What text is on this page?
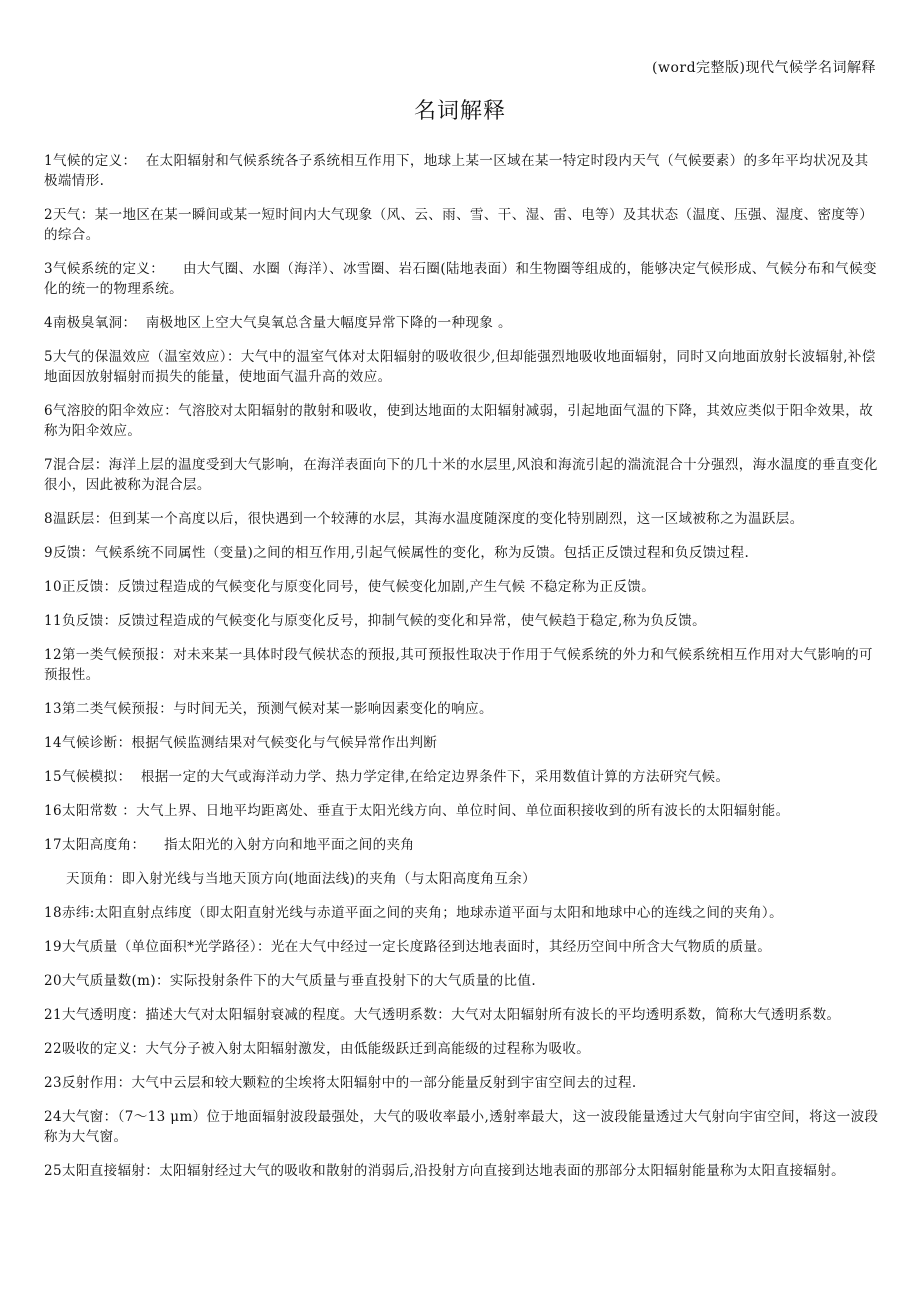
(word完整版)现代气候学名词解释
名词解释

1气候的定义：  在太阳辐射和气候系统各子系统相互作用下，地球上某一区域在某一特定时段内天气（气候要素）的多年平均状况及其极端情形.

2天气：某一地区在某一瞬间或某一短时间内大气现象（风、云、雨、雪、干、湿、雷、电等）及其状态（温度、压强、湿度、密度等）的综合。

3气候系统的定义：    由大气圈、水圈（海洋）、冰雪圈、岩石圈(陆地表面）和生物圈等组成的，能够决定气候形成、气候分布和气候变化的统一的物理系统。

4南极臭氧洞：  南极地区上空大气臭氧总含量大幅度异常下降的一种现象 。

5大气的保温效应（温室效应）：大气中的温室气体对太阳辐射的吸收很少,但却能强烈地吸收地面辐射，同时又向地面放射长波辐射,补偿地面因放射辐射而损失的能量，使地面气温升高的效应。

6气溶胶的阳伞效应：气溶胶对太阳辐射的散射和吸收，使到达地面的太阳辐射减弱，引起地面气温的下降，其效应类似于阳伞效果，故称为阳伞效应。

7混合层：海洋上层的温度受到大气影响，在海洋表面向下的几十米的水层里,风浪和海流引起的湍流混合十分强烈，海水温度的垂直变化很小，因此被称为混合层。

8温跃层：但到某一个高度以后，很快遇到一个较薄的水层，其海水温度随深度的变化特别剧烈，这一区域被称之为温跃层。

9反馈：气候系统不同属性（变量)之间的相互作用,引起气候属性的变化，称为反馈。包括正反馈过程和负反馈过程.

10正反馈：反馈过程造成的气候变化与原变化同号，使气候变化加剧,产生气候 不稳定称为正反馈。

11负反馈：反馈过程造成的气候变化与原变化反号，抑制气候的变化和异常，使气候趋于稳定,称为负反馈。

12第一类气候预报：对未来某一具体时段气候状态的预报,其可预报性取决于作用于气候系统的外力和气候系统相互作用对大气影响的可预报性。

13第二类气候预报：与时间无关，预测气候对某一影响因素变化的响应。

14气候诊断：根据气候监测结果对气候变化与气候异常作出判断

15气候模拟：  根据一定的大气或海洋动力学、热力学定律,在给定边界条件下，采用数值计算的方法研究气候。

16太阳常数 ：大气上界、日地平均距离处、垂直于太阳光线方向、单位时间、单位面积接收到的所有波长的太阳辐射能。

17太阳高度角：    指太阳光的入射方向和地平面之间的夹角

天顶角：即入射光线与当地天顶方向(地面法线)的夹角（与太阳高度角互余）

18赤纬:太阳直射点纬度（即太阳直射光线与赤道平面之间的夹角；地球赤道平面与太阳和地球中心的连线之间的夹角）。

19大气质量（单位面积*光学路径）：光在大气中经过一定长度路径到达地表面时，其经历空间中所含大气物质的质量。

20大气质量数(m)：实际投射条件下的大气质量与垂直投射下的大气质量的比值.

21大气透明度：描述大气对太阳辐射衰减的程度。大气透明系数：大气对太阳辐射所有波长的平均透明系数，简称大气透明系数。

22吸收的定义：大气分子被入射太阳辐射激发，由低能级跃迁到高能级的过程称为吸收。

23反射作用：大气中云层和较大颗粒的尘埃将太阳辐射中的一部分能量反射到宇宙空间去的过程.

24大气窗：（7～13 μm）位于地面辐射波段最强处，大气的吸收率最小,透射率最大，这一波段能量透过大气射向宇宙空间，将这一波段称为大气窗。

25太阳直接辐射：太阳辐射经过大气的吸收和散射的消弱后,沿投射方向直接到达地表面的那部分太阳辐射能量称为太阳直接辐射。
